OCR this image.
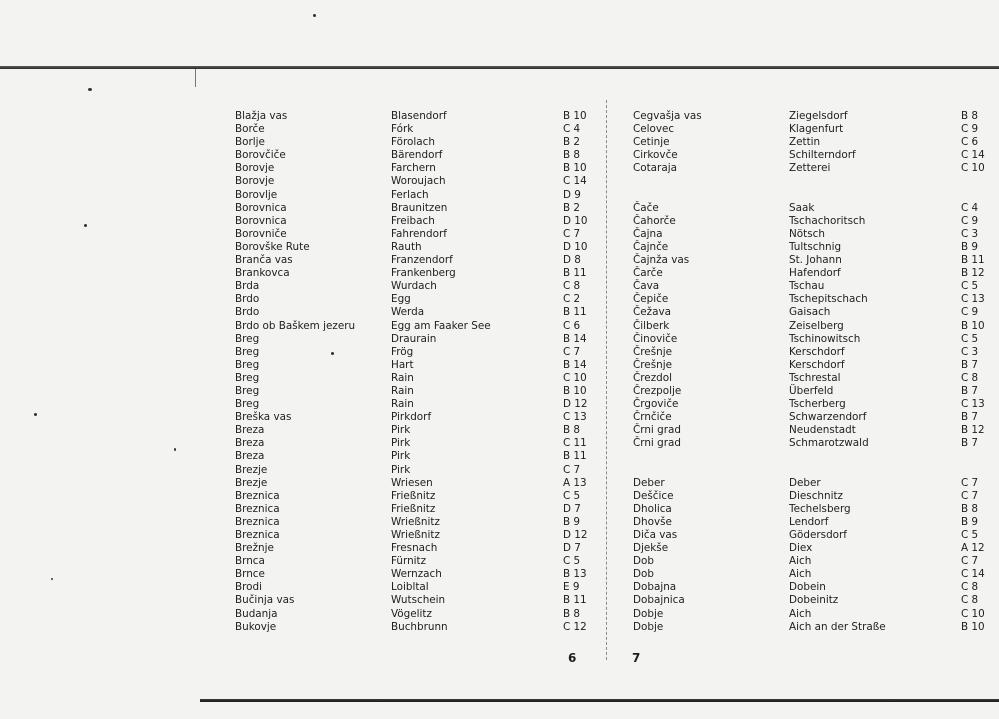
Blažja vas	Blasendorf	B 10
Borče	Fórk	C 4
Borlje	Förolach	B 2
Borovčiče	Bärendorf	B 8
Borovje	Farchern	B 10
Borovje	Woroujach	C 14
Borovlje	Ferlach	D 9
Borovnica	Braunitzen	B 2
Borovnica	Freibach	D 10
Borovniče	Fahrendorf	C 7
Borovške Rute	Rauth	D 10
Branča vas	Franzendorf	D 8
Brankovca	Frankenberg	B 11
Brda	Wurdach	C 8
Brdo	Egg	C 2
Brdo	Werda	B 11
Brdo ob Baškem jezeru	Egg am Faaker See	C 6
Breg	Draurain	B 14
Breg	Frög	C 7
Breg	Hart	B 14
Breg	Rain	C 10
Breg	Rain	B 10
Breg	Rain	D 12
Breška vas	Pirkdorf	C 13
Breza	Pirk	B 8
Breza	Pirk	C 11
Breza	Pirk	B 11
Brezje	Pirk	C 7
Brezje	Wriesen	A 13
Breznica	Frießnitz	C 5
Breznica	Frießnitz	D 7
Breznica	Wrießnitz	B 9
Breznica	Wrießnitz	D 12
Brežnje	Fresnach	D 7
Brnca	Fürnitz	C 5
Brnce	Wernzach	B 13
Brodi	Loibltal	E 9
Bučinja vas	Wutschein	B 11
Budanja	Vögelitz	B 8
Bukovje	Buchbrunn	C 12
Cegvašja vas	Ziegelsdorf	B 8
Celovec	Klagenfurt	C 9
Cetinje	Zettin	C 6
Cirkovče	Schilterndorf	C 14
Cotaraja	Zetterei	C 10
Čače	Saak	C 4
Čahorče	Tschachoritsch	C 9
Čajna	Nötsch	C 3
Čajnče	Tultschnig	B 9
Čajnža vas	St. Johann	B 11
Čarče	Hafendorf	B 12
Čava	Tschau	C 5
Čepiče	Tschepitschach	C 13
Čežava	Gaisach	C 9
Čilberk	Zeiselberg	B 10
Činoviče	Tschinowitsch	C 5
Črešnje	Kerschdorf	C 3
Črešnje	Kerschdorf	B 7
Črezdol	Tschrestal	C 8
Črezpolje	Überfeld	B 7
Črgoviče	Tscherberg	C 13
Črnčiče	Schwarzendorf	B 7
Črni grad	Neudenstadt	B 12
Črni grad	Schmarotzwald	B 7
Deber	Deber	C 7
Deščice	Dieschnitz	C 7
Dholica	Techelsberg	B 8
Dhovše	Lendorf	B 9
Diča vas	Gödersdorf	C 5
Djekše	Diex	A 12
Dob	Aich	C 7
Dob	Aich	C 14
Dobajna	Dobein	C 8
Dobajnica	Dobeinitz	C 8
Dobje	Aich	C 10
Dobje	Aich an der Straße	B 10
6	7
